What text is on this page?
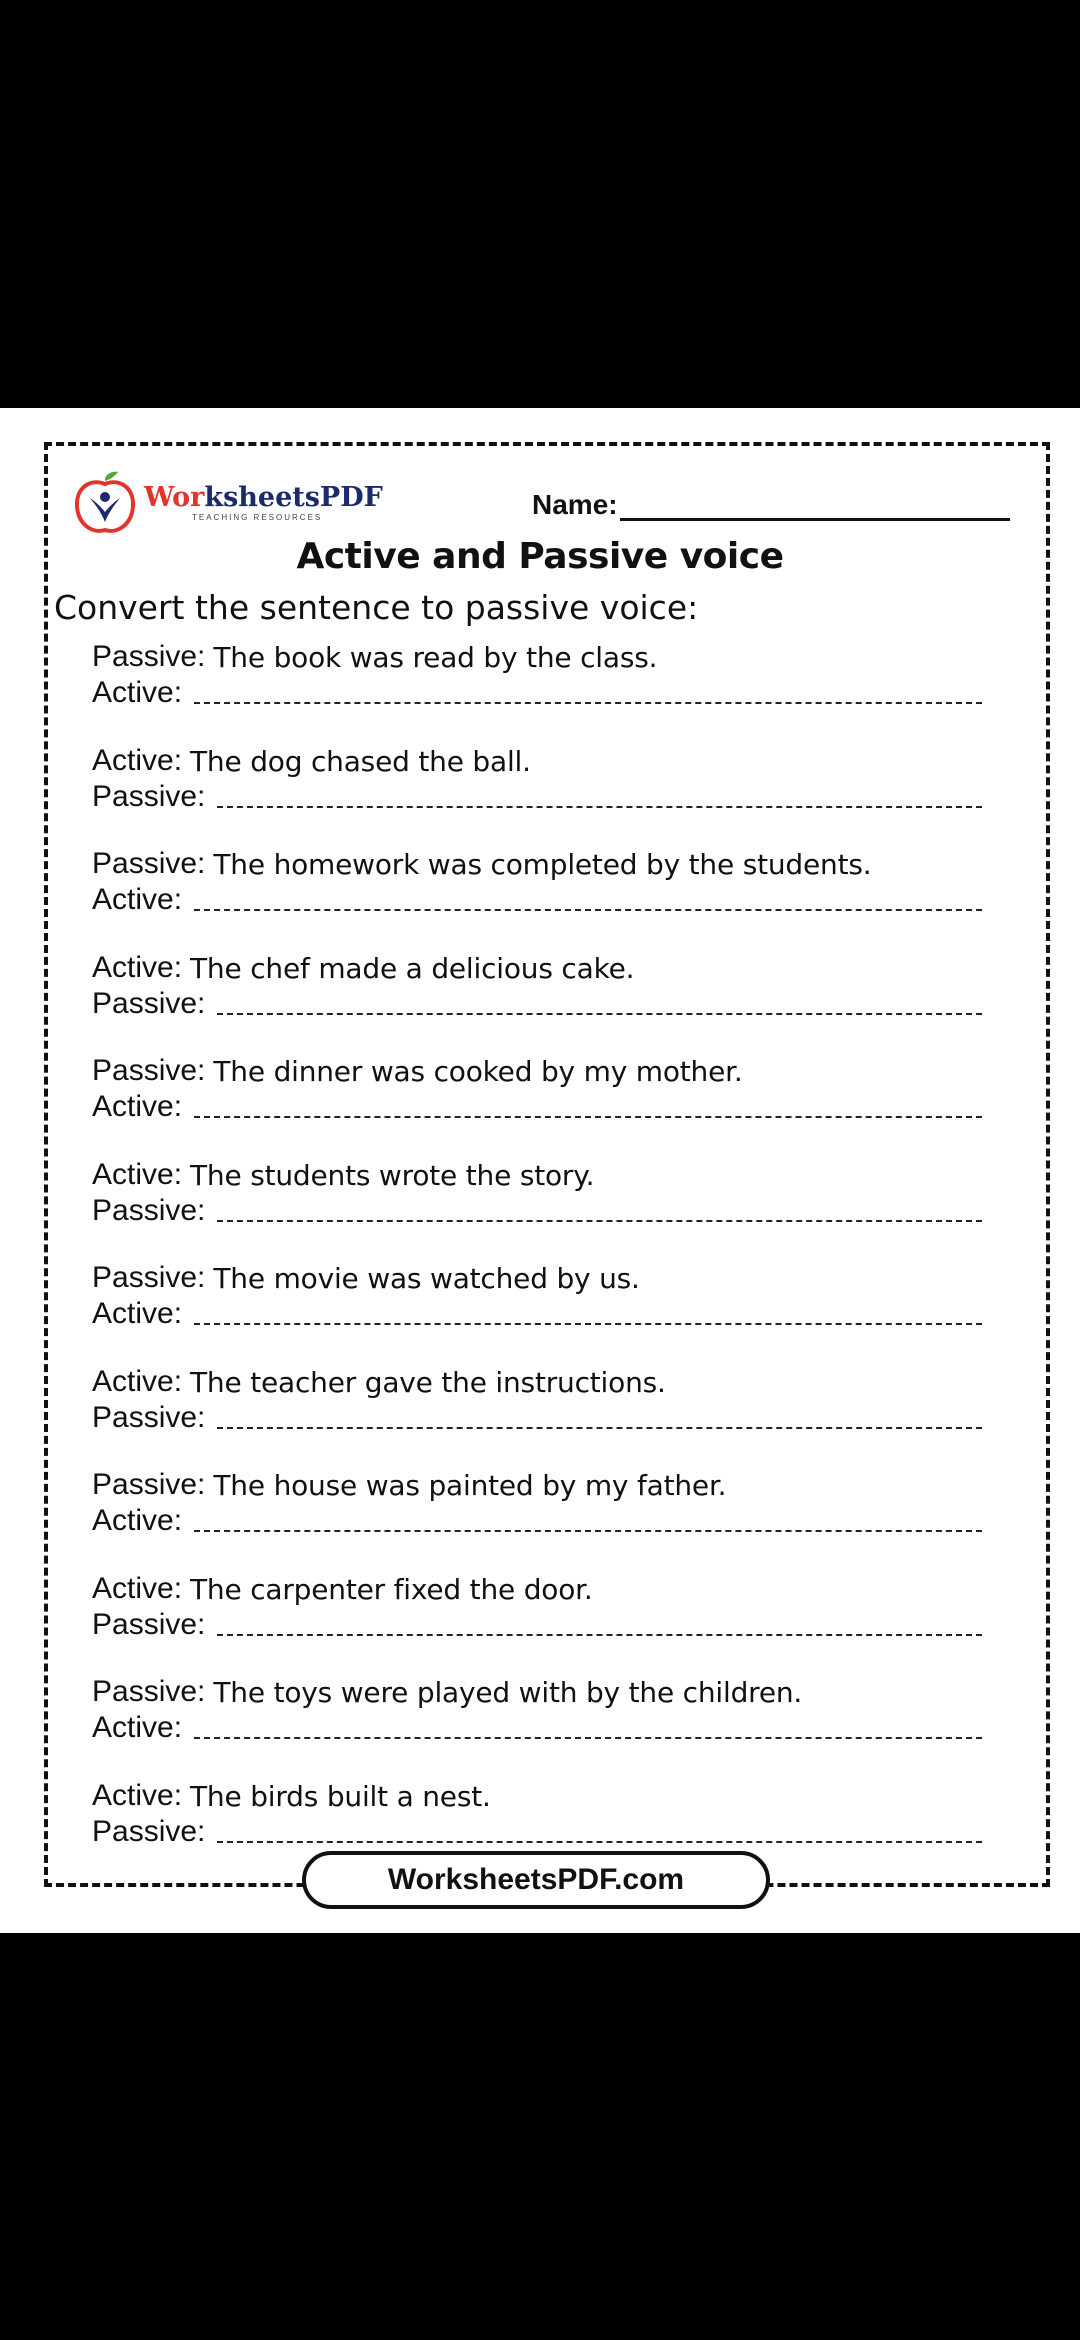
WorksheetsPDF
TEACHING RESOURCES	Name:
Active and Passive voice
Convert the sentence to passive voice:
Passive: The book was read by the class.
Active:
Active: The dog chased the ball.
Passive:
Passive: The homework was completed by the students.
Active:
Active: The chef made a delicious cake.
Passive:
Passive: The dinner was cooked by my mother.
Active:
Active: The students wrote the story.
Passive:
Passive: The movie was watched by us.
Active:
Active: The teacher gave the instructions.
Passive:
Passive: The house was painted by my father.
Active:
Active: The carpenter fixed the door.
Passive:
Passive: The toys were played with by the children.
Active:
Active: The birds built a nest.
Passive:
WorksheetsPDF.com
